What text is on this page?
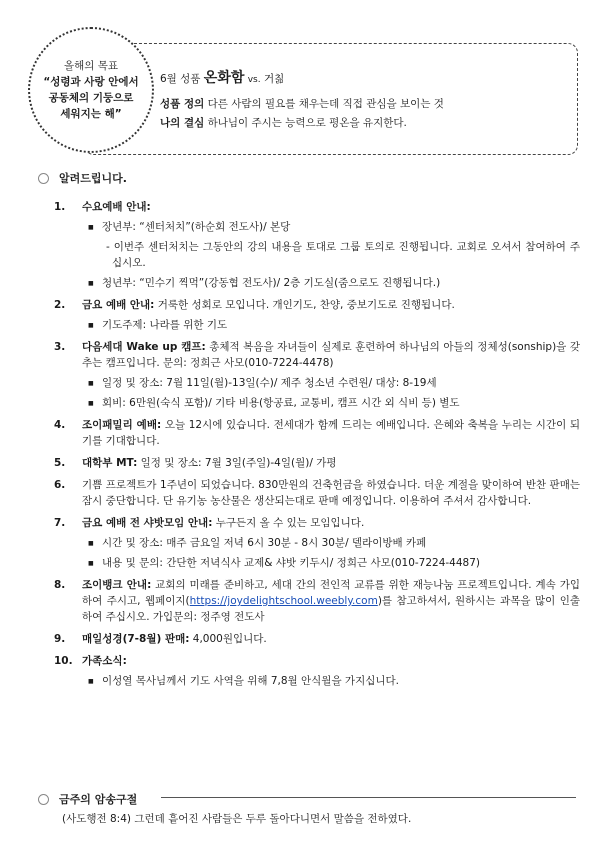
올해의 목표
“성령과 사랑 안에서
공동체의 기둥으로
세워지는 해”
6월 성품 온화함 vs. 거칢
성품 정의 다른 사람의 필요를 채우는데 직접 관심을 보이는 것
나의 결심 하나님이 주시는 능력으로 평온을 유지한다.
알려드립니다.
1.	수요예배 안내:
■ 장년부: “센터처치”(하순회 전도사)/ 본당
- 이번주 센터처치는 그동안의 강의 내용을 토대로 그룹 토의로 진행됩니다. 교회로 오셔서 참여하여 주십시오.
■ 청년부: “민수기 찍먹”(강동협 전도사)/ 2층 기도실(줌으로도 진행됩니다.)
2.	금요 예배 안내: 거룩한 성회로 모입니다. 개인기도, 찬양, 중보기도로 진행됩니다.
■ 기도주제: 나라를 위한 기도
3.	다음세대 Wake up 캠프: 총체적 복음을 자녀들이 실제로 훈련하여 하나님의 아들의 정체성(sonship)을 갖추는 캠프입니다. 문의: 정희근 사모(010-7224-4478)
■ 일정 및 장소: 7월 11일(월)-13일(수)/ 제주 청소년 수련원/ 대상: 8-19세
■ 회비: 6만원(숙식 포함)/ 기타 비용(항공료, 교통비, 캠프 시간 외 식비 등) 별도
4.	조이패밀리 예배: 오늘 12시에 있습니다. 전세대가 함께 드리는 예배입니다. 은혜와 축복을 누리는 시간이 되기를 기대합니다.
5.	대학부 MT: 일정 및 장소: 7월 3일(주일)-4일(월)/ 가평
6.	기쁨 프로젝트가 1주년이 되었습니다. 830만원의 건축헌금을 하였습니다. 더운 계절을 맞이하여 반찬 판매는 잠시 중단합니다. 단 유기농 농산물은 생산되는대로 판매 예정입니다. 이용하여 주셔서 감사합니다.
7.	금요 예배 전 샤밧모임 안내: 누구든지 올 수 있는 모임입니다.
■ 시간 및 장소: 매주 금요일 저녁 6시 30분 - 8시 30분/ 델라이방배 카페
■ 내용 및 문의: 간단한 저녁식사 교제& 샤밧 키두시/ 정희근 사모(010-7224-4487)
8.	조이뱅크 안내: 교회의 미래를 준비하고, 세대 간의 전인적 교류를 위한 재능나눔 프로젝트입니다. 계속 가입하여 주시고, 웹페이지(https://joydelightschool.weebly.com)를 참고하셔서, 원하시는 과목을 많이 인출하여 주십시오. 가입문의: 정주영 전도사
9.	매일성경(7-8월) 판매: 4,000원입니다.
10. 가족소식:
■ 이성열 목사님께서 기도 사역을 위해 7,8월 안식월을 가지십니다.
금주의 암송구절
(사도행전 8:4) 그런데 흩어진 사람들은 두루 돌아다니면서 말씀을 전하였다.
